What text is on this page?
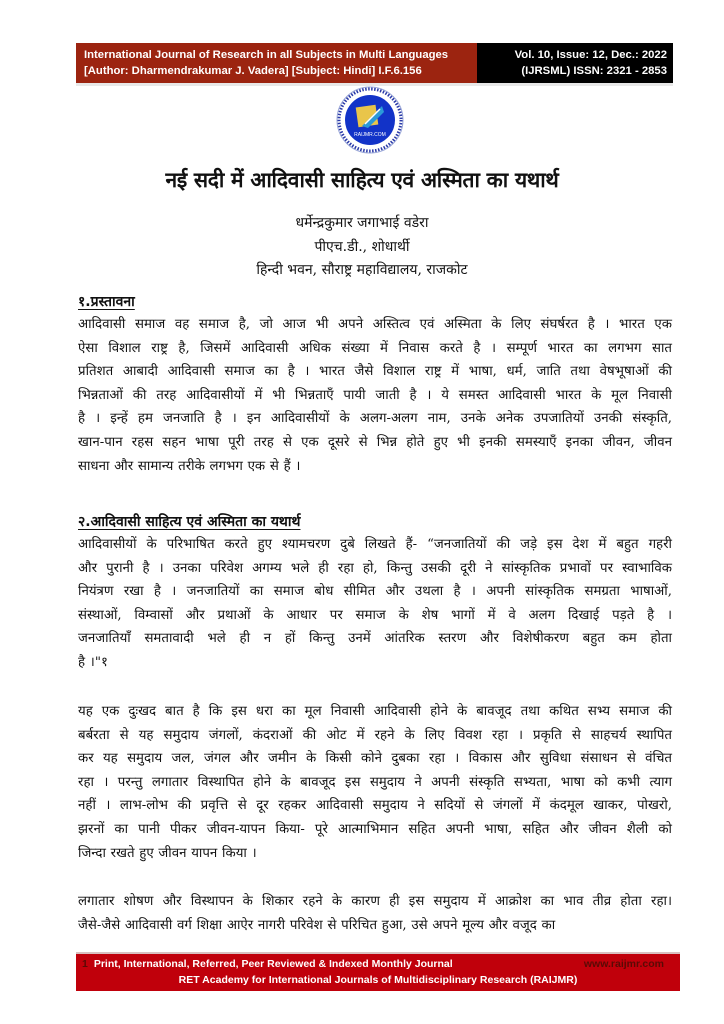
International Journal of Research in all Subjects in Multi Languages
[Author: Dharmendrakumar J. Vadera] [Subject: Hindi] I.F.6.156
Vol. 10, Issue: 12, Dec.: 2022
(IJRSML) ISSN: 2321 - 2853
RAIJMR.COM
नई सदी में आदिवासी साहित्य एवं अस्मिता का यथार्थ
धर्मेन्द्रकुमार जगाभाई वडेरा
पीएच.डी., शोधार्थी
हिन्दी भवन, सौराष्ट्र महाविद्यालय, राजकोट
१.प्रस्तावना
आदिवासी समाज वह समाज है, जो आज भी अपने अस्तित्व एवं अस्मिता के लिए संघर्षरत है । भारत एक
ऐसा विशाल राष्ट्र है, जिसमें आदिवासी अधिक संख्या में निवास करते है । सम्पूर्ण भारत का लगभग सात
प्रतिशत आबादी आदिवासी समाज का है । भारत जैसे विशाल राष्ट्र में भाषा, धर्म, जाति तथा वेषभूषाओं की
भिन्नताओं की तरह आदिवासीयों में भी भिन्नताएँ पायी जाती है । ये समस्त आदिवासी भारत के मूल निवासी
है । इन्हें हम जनजाति है । इन आदिवासीयों के अलग-अलग नाम, उनके अनेक उपजातियों उनकी संस्कृति,
खान-पान रहस सहन भाषा पूरी तरह से एक दूसरे से भिन्न होते हुए भी इनकी समस्याएँ इनका जीवन, जीवन
साधना और सामान्य तरीके लगभग एक से हैं ।
२.आदिवासी साहित्य एवं अस्मिता का यथार्थ
आदिवासीयों के परिभाषित करते हुए श्यामचरण दुबे लिखते हैं- “जनजातियों की जड़े इस देश में बहुत गहरी
और पुरानी है । उनका परिवेश अगम्य भले ही रहा हो, किन्तु उसकी दूरी ने सांस्कृतिक प्रभावों पर स्वाभाविक
नियंत्रण रखा है । जनजातियों का समाज बोध सीमित और उथला है । अपनी सांस्कृतिक समग्रता भाषाओं,
संस्थाओं, विम्वासों और प्रथाओं के आधार पर समाज के शेष भागों में वे अलग दिखाई पड़ते है ।
जनजातियाँ समतावादी भले ही न हों किन्तु उनमें आंतरिक स्तरण और विशेषीकरण बहुत कम होता
है ।"१
यह एक दुःखद बात है कि इस धरा का मूल निवासी आदिवासी होने के बावजूद तथा कथित सभ्य समाज की
बर्बरता से यह समुदाय जंगलों, कंदराओं की ओट में रहने के लिए विवश रहा । प्रकृति से साहचर्य स्थापित
कर यह समुदाय जल, जंगल और जमीन के किसी कोने दुबका रहा । विकास और सुविधा संसाधन से वंचित
रहा । परन्तु लगातार विस्थापित होने के बावजूद इस समुदाय ने अपनी संस्कृति सभ्यता, भाषा को कभी त्याग
नहीं । लाभ-लोभ की प्रवृत्ति से दूर रहकर आदिवासी समुदाय ने सदियों से जंगलों में कंदमूल खाकर, पोखरो,
झरनों का पानी पीकर जीवन-यापन किया- पूरे आत्माभिमान सहित अपनी भाषा, सहित और जीवन शैली को
जिन्दा रखते हुए जीवन यापन किया ।
लगातार शोषण और विस्थापन के शिकार रहने के कारण ही इस समुदाय में आक्रोश का भाव तीव्र होता रहा।
जैसे-जैसे आदिवासी वर्ग शिक्षा आऐर नागरी परिवेश से परिचित हुआ, उसे अपने मूल्य और वजूद का
1 Print, International, Referred, Peer Reviewed & Indexed Monthly Journal	www.raijmr.com
RET Academy for International Journals of Multidisciplinary Research (RAIJMR)
